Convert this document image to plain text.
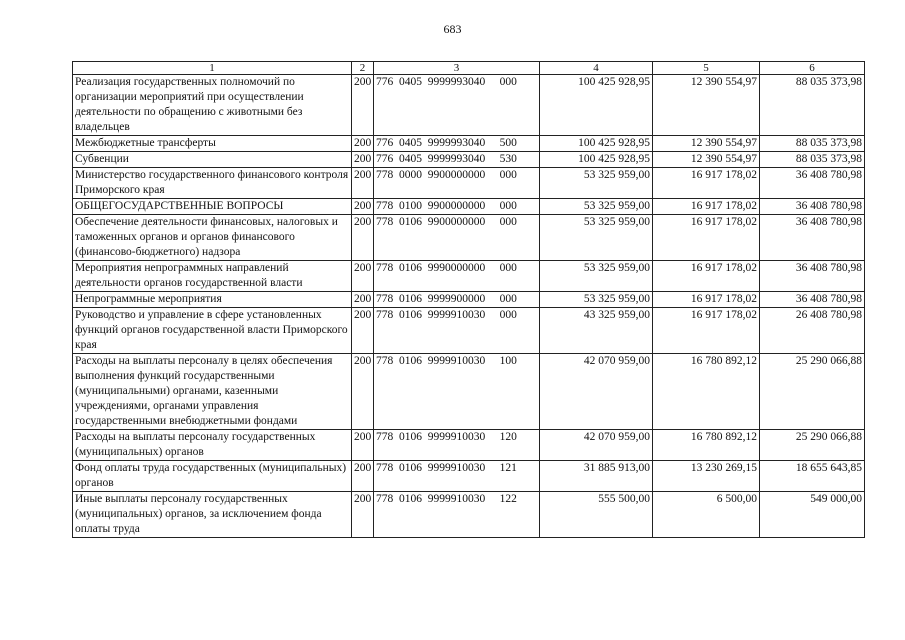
683
1	2	3	4	5	6
Реализация государственных полномочий по организации мероприятий при осуществлении деятельности по обращению с животными без владельцев	200	776  0405  9999993040     000	100 425 928,95	12 390 554,97	88 035 373,98
Межбюджетные трансферты	200	776  0405  9999993040     500	100 425 928,95	12 390 554,97	88 035 373,98
Субвенции	200	776  0405  9999993040     530	100 425 928,95	12 390 554,97	88 035 373,98
Министерство государственного финансового контроля Приморского края	200	778  0000  9900000000     000	53 325 959,00	16 917 178,02	36 408 780,98
ОБЩЕГОСУДАРСТВЕННЫЕ ВОПРОСЫ	200	778  0100  9900000000     000	53 325 959,00	16 917 178,02	36 408 780,98
Обеспечение деятельности финансовых, налоговых и таможенных органов и органов финансового (финансово-бюджетного) надзора	200	778  0106  9900000000     000	53 325 959,00	16 917 178,02	36 408 780,98
Мероприятия непрограммных направлений деятельности органов государственной власти	200	778  0106  9990000000     000	53 325 959,00	16 917 178,02	36 408 780,98
Непрограммные мероприятия	200	778  0106  9999900000     000	53 325 959,00	16 917 178,02	36 408 780,98
Руководство и управление в сфере установленных функций органов государственной власти Приморского края	200	778  0106  9999910030     000	43 325 959,00	16 917 178,02	26 408 780,98
Расходы на выплаты персоналу в целях обеспечения выполнения функций государственными (муниципальными) органами, казенными учреждениями, органами управления государственными внебюджетными фондами	200	778  0106  9999910030     100	42 070 959,00	16 780 892,12	25 290 066,88
Расходы на выплаты персоналу государственных (муниципальных) органов	200	778  0106  9999910030     120	42 070 959,00	16 780 892,12	25 290 066,88
Фонд оплаты труда государственных (муниципальных) органов	200	778  0106  9999910030     121	31 885 913,00	13 230 269,15	18 655 643,85
Иные выплаты персоналу государственных (муниципальных) органов, за исключением фонда оплаты труда	200	778  0106  9999910030     122	555 500,00	6 500,00	549 000,00
